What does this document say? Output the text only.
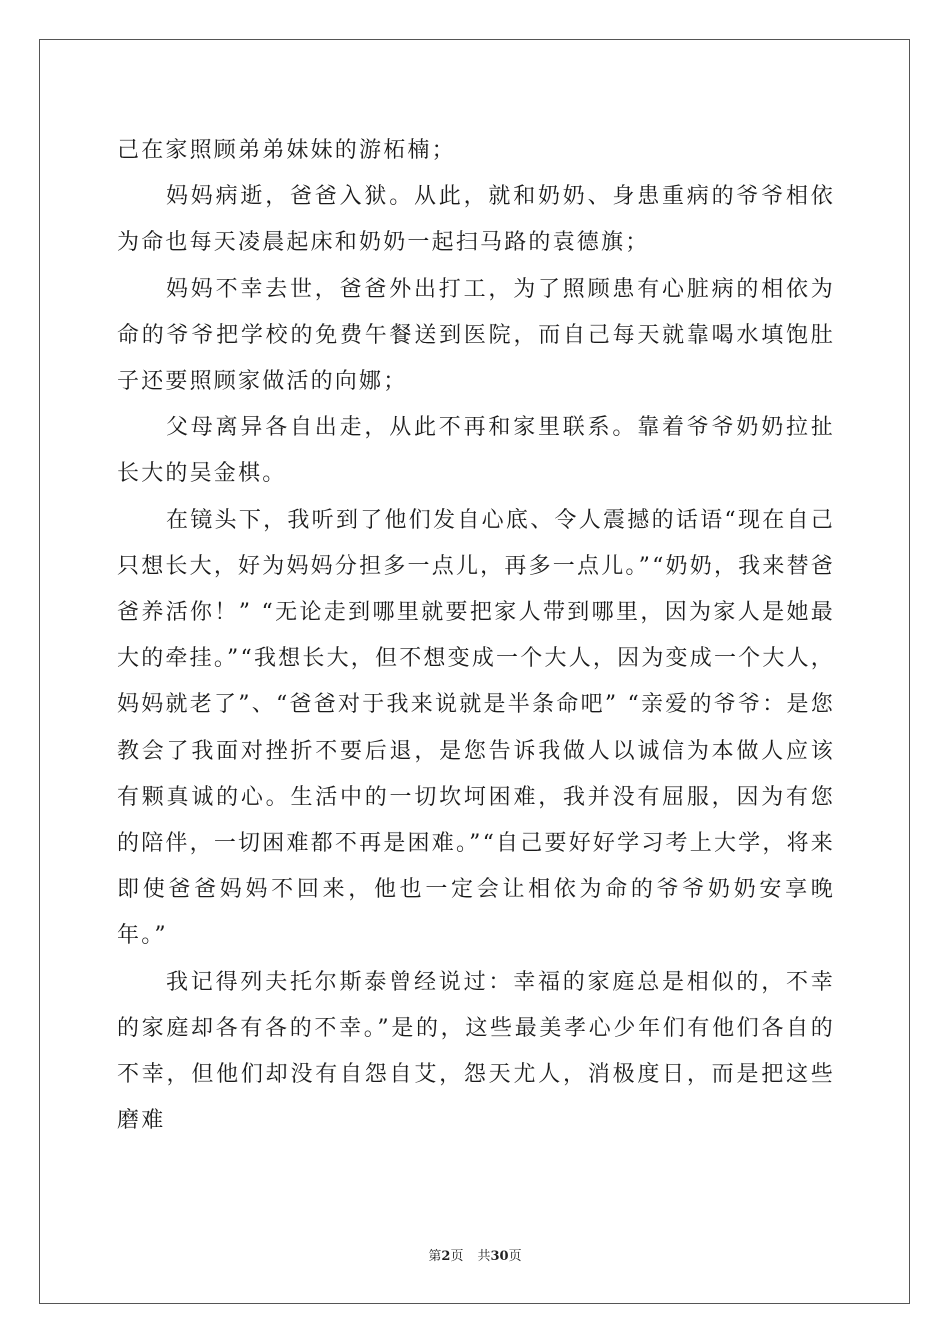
己在家照顾弟弟妹妹的游柘楠；

妈妈病逝，爸爸入狱。从此，就和奶奶、身患重病的爷爷相依为命也每天凌晨起床和奶奶一起扫马路的袁德旗；

妈妈不幸去世，爸爸外出打工，为了照顾患有心脏病的相依为命的爷爷把学校的免费午餐送到医院，而自己每天就靠喝水填饱肚子还要照顾家做活的向娜；

父母离异各自出走，从此不再和家里联系。靠着爷爷奶奶拉扯长大的吴金棋。

在镜头下，我听到了他们发自心底、令人震撼的话语“现在自己只想长大，好为妈妈分担多一点儿，再多一点儿。”“奶奶，我来替爸爸养活你！” “无论走到哪里就要把家人带到哪里，因为家人是她最大的牵挂。”“我想长大，但不想变成一个大人，因为变成一个大人，妈妈就老了”、“爸爸对于我来说就是半条命吧” “亲爱的爷爷：是您教会了我面对挫折不要后退，是您告诉我做人以诚信为本做人应该有颗真诚的心。生活中的一切坎坷困难，我并没有屈服，因为有您的陪伴，一切困难都不再是困难。”“自己要好好学习考上大学，将来即使爸爸妈妈不回来，他也一定会让相依为命的爷爷奶奶安享晚年。”

我记得列夫托尔斯泰曾经说过：幸福的家庭总是相似的，不幸的家庭却各有各的不幸。”是的，这些最美孝心少年们有他们各自的不幸，但他们却没有自怨自艾，怨天尤人，消极度日，而是把这些磨难

第2页 共30页
